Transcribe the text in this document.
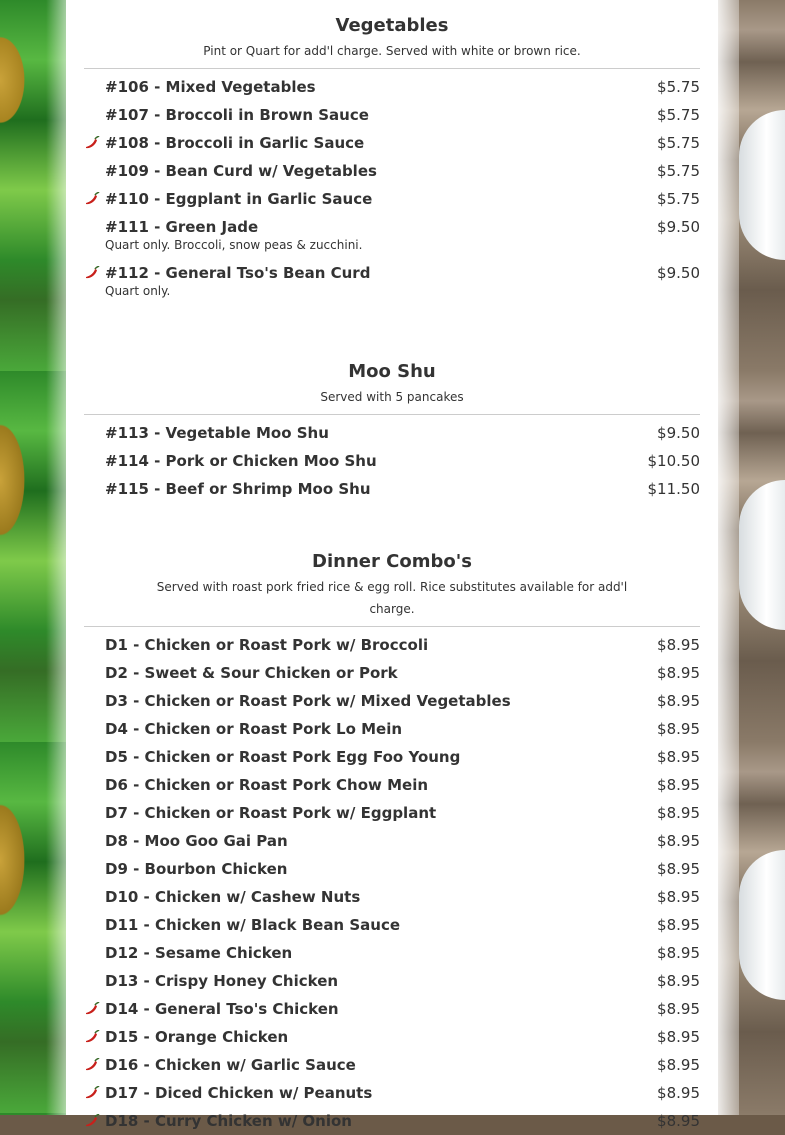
Vegetables
Pint or Quart for add'l charge. Served with white or brown rice.
#106 - Mixed Vegetables	$5.75
#107 - Broccoli in Brown Sauce	$5.75
#108 - Broccoli in Garlic Sauce	$5.75
#109 - Bean Curd w/ Vegetables	$5.75
#110 - Eggplant in Garlic Sauce	$5.75
#111 - Green Jade	$9.50
Quart only. Broccoli, snow peas & zucchini.
#112 - General Tso's Bean Curd	$9.50
Quart only.
Moo Shu
Served with 5 pancakes
#113 - Vegetable Moo Shu	$9.50
#114 - Pork or Chicken Moo Shu	$10.50
#115 - Beef or Shrimp Moo Shu	$11.50
Dinner Combo's
Served with roast pork fried rice & egg roll. Rice substitutes available for add'l charge.
D1 - Chicken or Roast Pork w/ Broccoli	$8.95
D2 - Sweet & Sour Chicken or Pork	$8.95
D3 - Chicken or Roast Pork w/ Mixed Vegetables	$8.95
D4 - Chicken or Roast Pork Lo Mein	$8.95
D5 - Chicken or Roast Pork Egg Foo Young	$8.95
D6 - Chicken or Roast Pork Chow Mein	$8.95
D7 - Chicken or Roast Pork w/ Eggplant	$8.95
D8 - Moo Goo Gai Pan	$8.95
D9 - Bourbon Chicken	$8.95
D10 - Chicken w/ Cashew Nuts	$8.95
D11 - Chicken w/ Black Bean Sauce	$8.95
D12 - Sesame Chicken	$8.95
D13 - Crispy Honey Chicken	$8.95
D14 - General Tso's Chicken	$8.95
D15 - Orange Chicken	$8.95
D16 - Chicken w/ Garlic Sauce	$8.95
D17 - Diced Chicken w/ Peanuts	$8.95
D18 - Curry Chicken w/ Onion	$8.95
